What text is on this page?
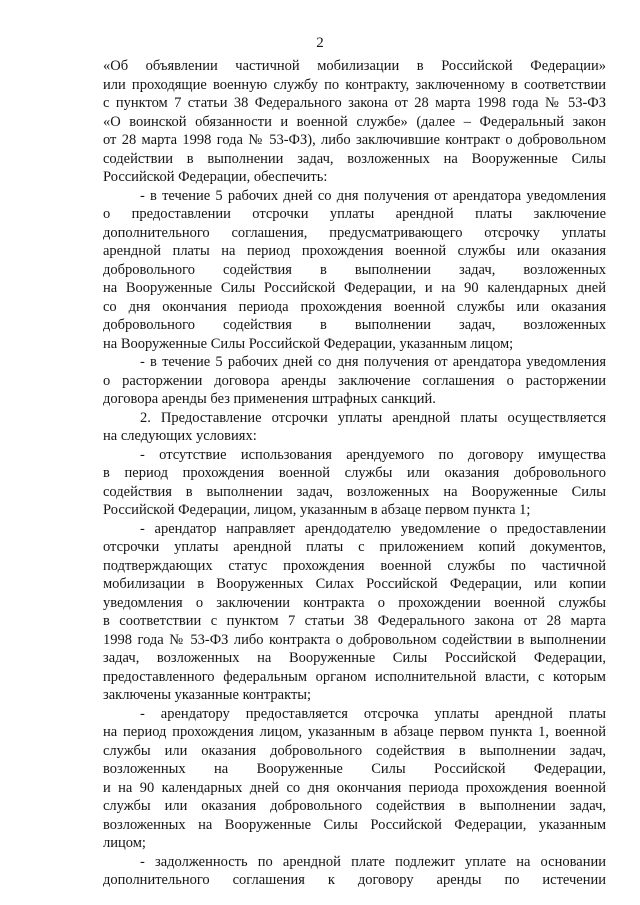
2
«Об объявлении частичной мобилизации в Российской Федерации»
или проходящие военную службу по контракту, заключенному в соответствии
с пунктом 7 статьи 38 Федерального закона от 28 марта 1998 года № 53-ФЗ
«О воинской обязанности и военной службе» (далее – Федеральный закон
от 28 марта 1998 года № 53-ФЗ), либо заключившие контракт о добровольном
содействии в выполнении задач, возложенных на Вооруженные Силы
Российской Федерации, обеспечить:
- в течение 5 рабочих дней со дня получения от арендатора уведомления
о предоставлении отсрочки уплаты арендной платы заключение
дополнительного соглашения, предусматривающего отсрочку уплаты
арендной платы на период прохождения военной службы или оказания
добровольного содействия в выполнении задач, возложенных
на Вооруженные Силы Российской Федерации, и на 90 календарных дней
со дня окончания периода прохождения военной службы или оказания
добровольного содействия в выполнении задач, возложенных
на Вооруженные Силы Российской Федерации, указанным лицом;
- в течение 5 рабочих дней со дня получения от арендатора уведомления
о расторжении договора аренды заключение соглашения о расторжении
договора аренды без применения штрафных санкций.
2. Предоставление отсрочки уплаты арендной платы осуществляется
на следующих условиях:
- отсутствие использования арендуемого по договору имущества
в период прохождения военной службы или оказания добровольного
содействия в выполнении задач, возложенных на Вооруженные Силы
Российской Федерации, лицом, указанным в абзаце первом пункта 1;
- арендатор направляет арендодателю уведомление о предоставлении
отсрочки уплаты арендной платы с приложением копий документов,
подтверждающих статус прохождения военной службы по частичной
мобилизации в Вооруженных Силах Российской Федерации, или копии
уведомления о заключении контракта о прохождении военной службы
в соответствии с пунктом 7 статьи 38 Федерального закона от 28 марта
1998 года № 53-ФЗ либо контракта о добровольном содействии в выполнении
задач, возложенных на Вооруженные Силы Российской Федерации,
предоставленного федеральным органом исполнительной власти, с которым
заключены указанные контракты;
- арендатору предоставляется отсрочка уплаты арендной платы
на период прохождения лицом, указанным в абзаце первом пункта 1, военной
службы или оказания добровольного содействия в выполнении задач,
возложенных на Вооруженные Силы Российской Федерации,
и на 90 календарных дней со дня окончания периода прохождения военной
службы или оказания добровольного содействия в выполнении задач,
возложенных на Вооруженные Силы Российской Федерации, указанным
лицом;
- задолженность по арендной плате подлежит уплате на основании
дополнительного соглашения к договору аренды по истечении
